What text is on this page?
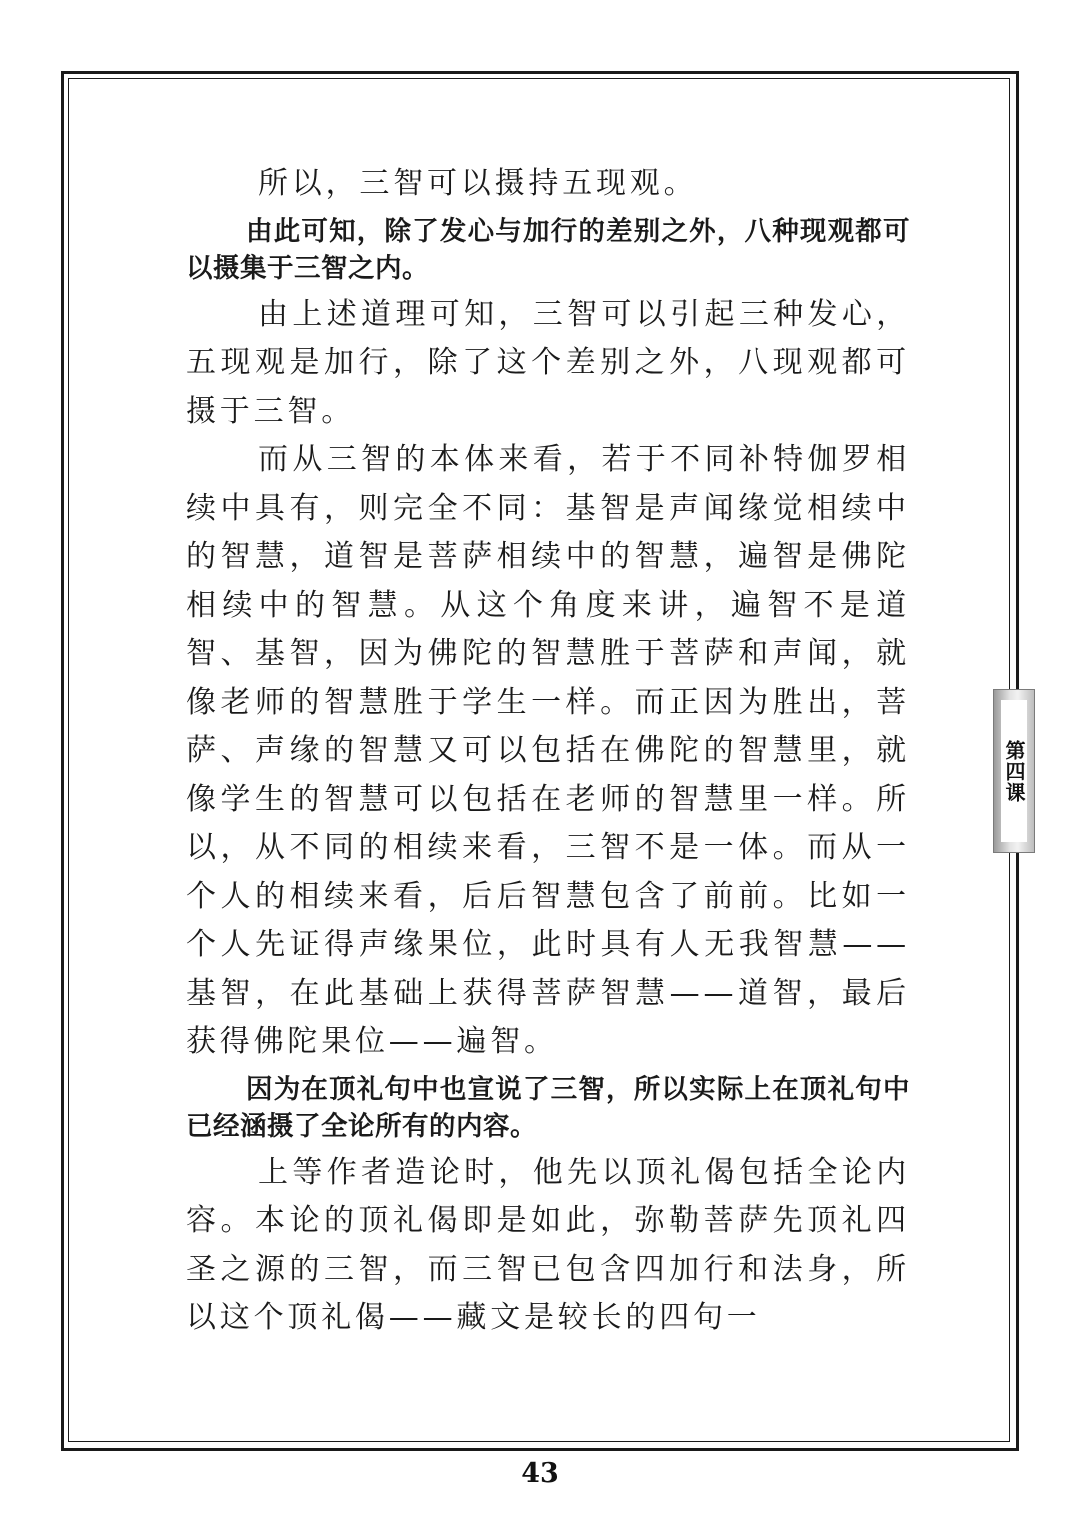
所以，三智可以摄持五现观。

由此可知，除了发心与加行的差别之外，八种现观都可以摄集于三智之内。

由上述道理可知，三智可以引起三种发心，五现观是加行，除了这个差别之外，八现观都可摄于三智。

而从三智的本体来看，若于不同补特伽罗相续中具有，则完全不同：基智是声闻缘觉相续中的智慧，道智是菩萨相续中的智慧，遍智是佛陀相续中的智慧。从这个角度来讲，遍智不是道智、基智，因为佛陀的智慧胜于菩萨和声闻，就像老师的智慧胜于学生一样。而正因为胜出，菩萨、声缘的智慧又可以包括在佛陀的智慧里，就像学生的智慧可以包括在老师的智慧里一样。所以，从不同的相续来看，三智不是一体。而从一个人的相续来看，后后智慧包含了前前。比如一个人先证得声缘果位，此时具有人无我智慧——基智，在此基础上获得菩萨智慧——道智，最后获得佛陀果位——遍智。

因为在顶礼句中也宣说了三智，所以实际上在顶礼句中已经涵摄了全论所有的内容。

上等作者造论时，他先以顶礼偈包括全论内容。本论的顶礼偈即是如此，弥勒菩萨先顶礼四圣之源的三智，而三智已包含四加行和法身，所以这个顶礼偈——藏文是较长的四句一

第四课
43
